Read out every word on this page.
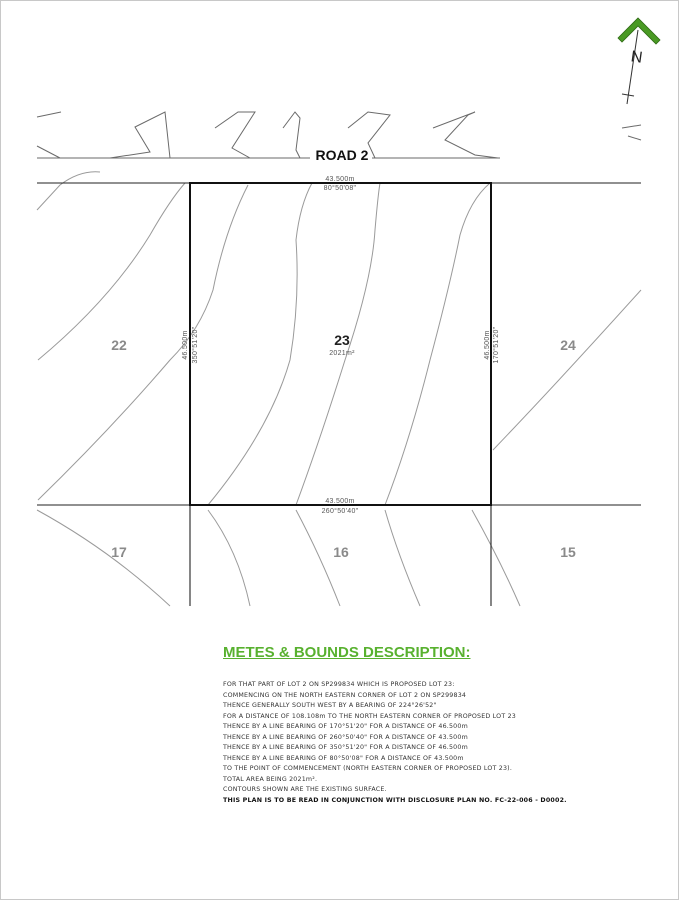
ROAD 2
43.500m
80°50'08"
43.500m
260°50'40"
46.500m 350°51'20"	46.500m 170°51'20"
23
2021m²
22	24
17	16	15
N
METES & BOUNDS DESCRIPTION:
FOR THAT PART OF LOT 2 ON SP299834 WHICH IS PROPOSED LOT 23:
COMMENCING ON THE NORTH EASTERN CORNER OF LOT 2 ON SP299834
THENCE GENERALLY SOUTH WEST BY A BEARING OF 224°26'52"
FOR A DISTANCE OF 108.108m TO THE NORTH EASTERN CORNER OF PROPOSED LOT 23
THENCE BY A LINE BEARING OF 170°51'20" FOR A DISTANCE OF 46.500m
THENCE BY A LINE BEARING OF 260°50'40" FOR A DISTANCE OF 43.500m
THENCE BY A LINE BEARING OF 350°51'20" FOR A DISTANCE OF 46.500m
THENCE BY A LINE BEARING OF 80°50'08" FOR A DISTANCE OF 43.500m
TO THE POINT OF COMMENCEMENT (NORTH EASTERN CORNER OF PROPOSED LOT 23).
TOTAL AREA BEING 2021m².
CONTOURS SHOWN ARE THE EXISTING SURFACE.
THIS PLAN IS TO BE READ IN CONJUNCTION WITH DISCLOSURE PLAN NO. FC-22-006 - D0002.
